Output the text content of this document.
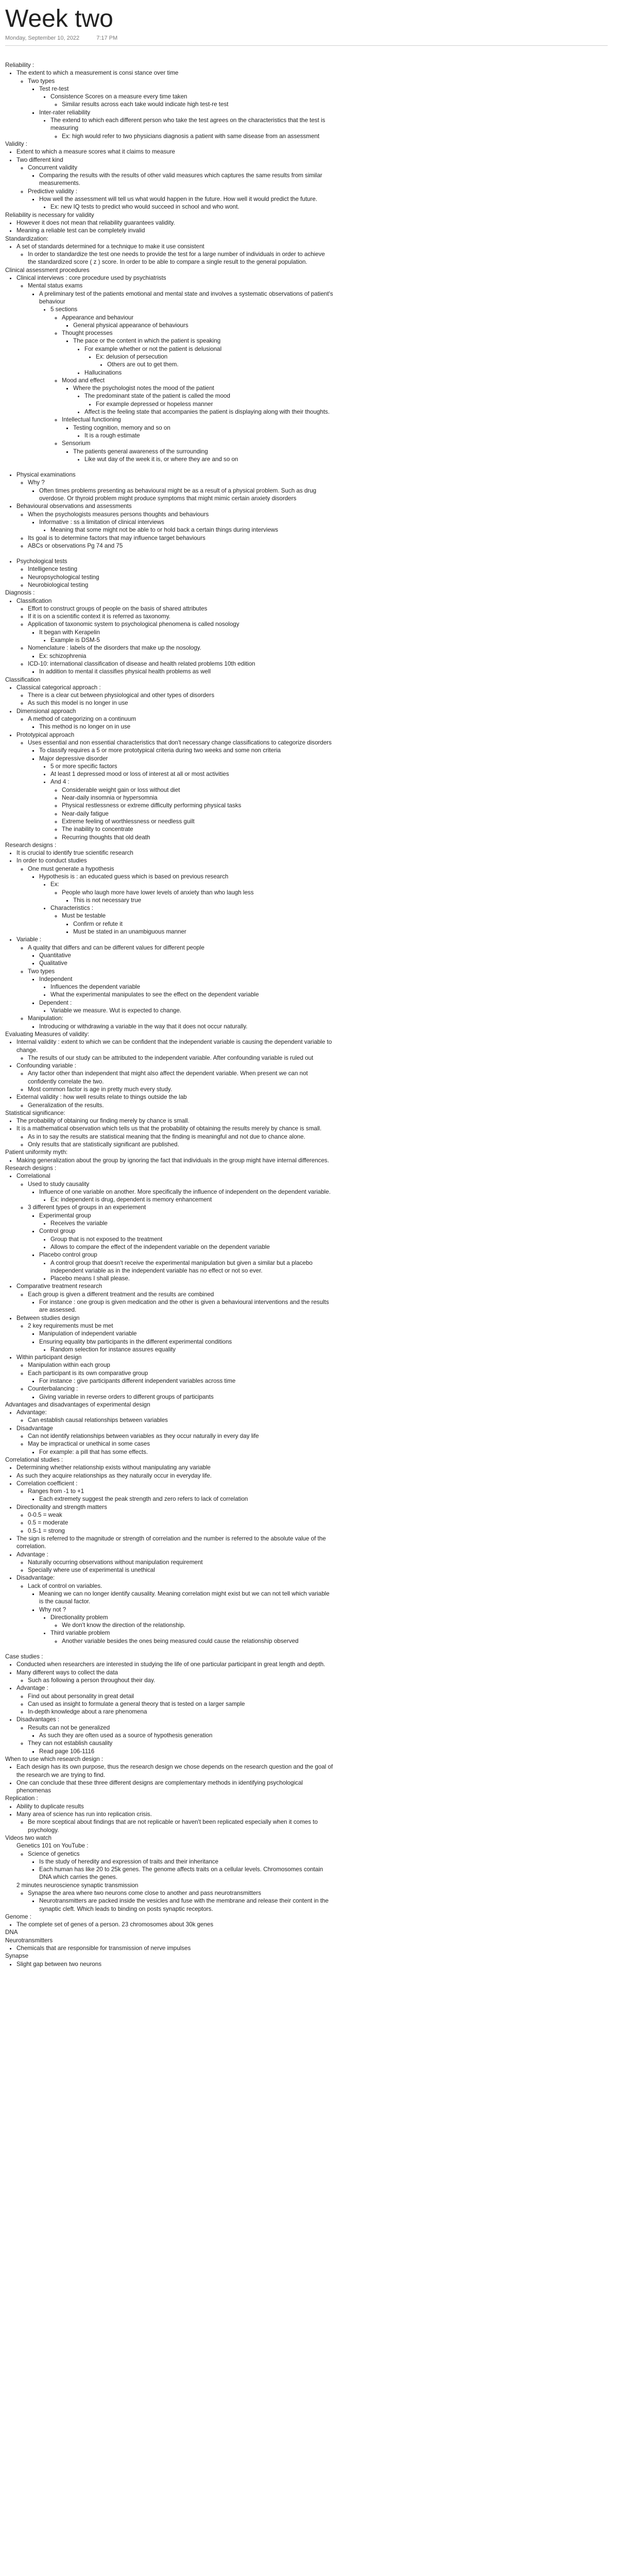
Week two
Monday, September 10, 2022	7:17 PM
Reliability :
• The extent to which a measurement is consi stance over time
◦ Two types
▪ Test re-test
• Consistence Scores on a measure every time taken
◦ Similar results across each take would indicate high test-re test
▪ Inter-rater reliability
• The extend to which each different person who take the test agrees on the characteristics that the test is measuring
◦ Ex: high would refer to two physicians diagnosis a patient with same disease from an assessment
Validity :
• Extent to which a measure scores what it claims to measure
• Two different kind
◦ Concurrent validity
▪ Comparing the results with the results of other valid measures which captures the same results from similar measurements.
◦ Predictive validity :
▪ How well the assessment will tell us what would happen in the future. How well it would predict the future.
• Ex: new IQ tests to predict who would succeed in school and who wont.
Reliability is necessary for validity
• However it does not mean that reliability guarantees validity.
• Meaning a reliable test can be completely invalid
Standardization:
• A set of standards determined for a technique to make it use consistent
◦ In order to standardize the test one needs to provide the test for a large number of individuals in order to achieve the standardized score ( z ) score. In order to be able to compare a single result to the general population.
Clinical assessment procedures
• Clinical interviews : core procedure used by psychiatrists
◦ Mental status exams
▪ A preliminary test of the patients emotional and mental state and involves a systematic observations of patient's behaviour
• 5 sections
◦ Appearance and behaviour
▪ General physical appearance of behaviours
◦ Thought processes
▪ The pace or the content in which the patient is speaking
• For example whether or not the patient is delusional
• Ex: delusion of persecution
• Others are out to get them.
• Hallucinations
◦ Mood and effect
▪ Where the psychologist notes the mood of the patient
• The predominant state of the patient is called the mood
• For example depressed or hopeless manner
• Affect is the feeling state that accompanies the patient is displaying along with their thoughts.
◦ Intellectual functioning
▪ Testing cognition, memory and so on
• It is a rough estimate
◦ Sensorium
▪ The patients general awareness of the surrounding
• Like wut day of the week it is, or where they are and so on
• Physical examinations
◦ Why ?
▪ Often times problems presenting as behavioural might be as a result of a physical problem. Such as drug overdose. Or thyroid problem might produce symptoms that might mimic certain anxiety disorders
• Behavioural observations and assessments
◦ When the psychologists measures persons thoughts and behaviours
▪ Informative : ss a limitation of clinical interviews
• Meaning that some might not be able to or hold back a certain things during interviews
◦ Its goal is to determine factors that may influence target behaviours
◦ ABCs or observations Pg 74 and 75
• Psychological tests
◦ Intelligence testing
◦ Neuropsychological testing
◦ Neurobiological testing
Diagnosis :
• Classification
◦ Effort to construct groups of people on the basis of shared attributes
◦ If it is on a scientific context it is referred as taxonomy.
◦ Application of taxonomic system to psychological phenomena is called nosology
▪ It began with Kerapelin
• Example is DSM-5
◦ Nomenclature : labels of the disorders that make up the nosology.
▪ Ex: schizophrenia
◦ ICD-10: international classification of disease and health related problems 10th edition
▪ In addition to mental it classifies physical health problems as well
Classification
• Classical categorical approach :
◦ There is a clear cut between physiological and other types of disorders
◦ As such this model is no longer in use
• Dimensional approach
◦ A method of categorizing on a continuum
▪ This method is no longer on in use
• Prototypical approach
◦ Uses essential and non essential characteristics that don't necessary change classifications to categorize disorders
▪ To classify requires a 5 or more prototypical criteria during two weeks and some non criteria
▪ Major depressive disorder
• 5 or more specific factors
• At least 1 depressed mood or loss of interest at all or most activities
• And 4 :
◦ Considerable weight gain or loss without diet
◦ Near-daily insomnia or hypersomnia
◦ Physical restlessness or extreme difficulty performing physical tasks
◦ Near-daily fatigue
◦ Extreme feeling of worthlessness or needless guilt
◦ The inability to concentrate
◦ Recurring thoughts that old death
Research designs :
• It is crucial to identify true scientific research
• In order to conduct studies
◦ One must generate a hypothesis
▪ Hypothesis is : an educated guess which is based on previous research
• Ex:
◦ People who laugh more have lower levels of anxiety than who laugh less
▪ This is not necessary true
• Characteristics :
◦ Must be testable
▪ Confirm or refute it
▪ Must be stated in an unambiguous manner
• Variable :
◦ A quality that differs and can be different values for different people
▪ Quantitative
▪ Qualitative
◦ Two types
▪ Independent
• Influences the dependent variable
• What the experimental manipulates to see the effect on the dependent variable
▪ Dependent :
• Variable we measure. Wut is expected to change.
◦ Manipulation:
▪ Introducing or withdrawing a variable in the way that it does not occur naturally.
Evaluating Measures of validity:
• Internal validity : extent to which we can be confident that the independent variable is causing the dependent variable to change.
◦ The results of our study can be attributed to the independent variable. After confounding variable is ruled out
• Confounding variable :
◦ Any factor other than independent that might also affect the dependent variable. When present we can not confidently correlate the two.
◦ Most common factor is age in pretty much every study.
• External validity : how well results relate to things outside the lab
◦ Generalization of the results.
Statistical significance:
• The probability of obtaining our finding merely by chance is small.
• It is a mathematical observation which tells us that the probability of obtaining the results merely by chance is small.
◦ As in to say the results are statistical meaning that the finding is meaningful and not due to chance alone.
◦ Only results that are statistically significant are published.
Patient uniformity myth:
• Making generalization about the group by ignoring the fact that individuals in the group might have internal differences.
Research designs :
• Correlational
◦ Used to study causality
▪ Influence of one variable on another. More specifically the influence of independent on the dependent variable.
• Ex: independent is drug, dependent is memory enhancement
◦ 3 different types of groups in an experiement
▪ Experimental group
• Receives the variable
▪ Control group
• Group that is not exposed to the treatment
• Allows to compare the effect of the independent variable on the dependent variable
▪ Placebo control group
• A control group that doesn't receive the experimental manipulation but given a similar but a placebo independent variable as in the independent variable has no effect or not so ever.
• Placebo means I shall please.
• Comparative treatment research
◦ Each group is given a different treatment and the results are combined
▪ For instance : one group is given medication and the other is given a behavioural interventions and the results are assessed.
• Between studies design
◦ 2 key requirements must be met
▪ Manipulation of independent variable
▪ Ensuring equality btw participants in the different experimental conditions
• Random selection for instance assures equality
• Within participant design
◦ Manipulation within each group
◦ Each participant is its own comparative group
▪ For instance : give participants different independent variables across time
◦ Counterbalancing :
▪ Giving variable in reverse orders to different groups of participants
Advantages and disadvantages of experimental design
• Advantage:
◦ Can establish causal relationships between variables
• Disadvantage
◦ Can not identify relationships between variables as they occur naturally in every day life
◦ May be impractical or unethical in some cases
▪ For example: a pill that has some effects.
Correlational studies :
• Determining whether relationship exists without manipulating any variable
• As such they acquire relationships as they naturally occur in everyday life.
• Correlation coefficient :
◦ Ranges from -1 to +1
▪ Each extremety suggest the peak strength and zero refers to lack of correlation
• Directionality and strength matters
◦ 0-0.5 = weak
◦ 0.5 = moderate
◦ 0.5-1 = strong
• The sign is referred to the magnitude or strength of correlation and the number is referred to the absolute value of the correlation.
• Advantage :
◦ Naturally occurring observations without manipulation requirement
◦ Specially where use of experimental is unethical
• Disadvantage:
◦ Lack of control on variables.
▪ Meaning we can no longer identify causality. Meaning correlation might exist but we can not tell which variable is the causal factor.
▪ Why not ?
• Directionality problem
◦ We don't know the direction of the relationship.
• Third variable problem
◦ Another variable besides the ones being measured could cause the relationship observed
Case studies :
• Conducted when researchers are interested in studying the life of one particular participant in great length and depth.
• Many different ways to collect the data
◦ Such as following a person throughout their day.
• Advantage :
◦ Find out about personality in great detail
◦ Can used as insight to formulate a general theory that is tested on a larger sample
◦ In-depth knowledge about a rare phenomena
• Disadvantages :
◦ Results can not be generalized
▪ As such they are often used as a source of hypothesis generation
◦ They can not establish causality
▪ Read page 106-1116
When to use which research design :
• Each design has its own purpose, thus the research design we chose depends on the research question and the goal of the research we are trying to find.
• One can conclude that these three different designs are complementary methods in identifying psychological phenomenas
Replication :
• Ability to duplicate results
• Many area of science has run into replication crisis.
◦ Be more sceptical about findings that are not replicable or haven't been replicated especially when it comes to psychology.
Videos two watch
Genetics 101 on YouTube :
◦ Science of genetics
▪ Is the study of heredity and expression of traits and their inheritance
▪ Each human has like 20 to 25k genes. The genome affects traits on a cellular levels. Chromosomes contain DNA which carries the genes.
2 minutes neuroscience synaptic transmission
◦ Synapse the area where two neurons come close to another and pass neurotransmitters
▪ Neurotransmitters are packed inside the vesicles and fuse with the membrane and release their content in the synaptic cleft. Which leads to binding on posts synaptic receptors.
Genome :
• The complete set of genes of a person. 23 chromosomes about 30k genes
DNA
Neurotransmitters
• Chemicals that are responsible for transmission of nerve impulses
Synapse
• Slight gap between two neurons
